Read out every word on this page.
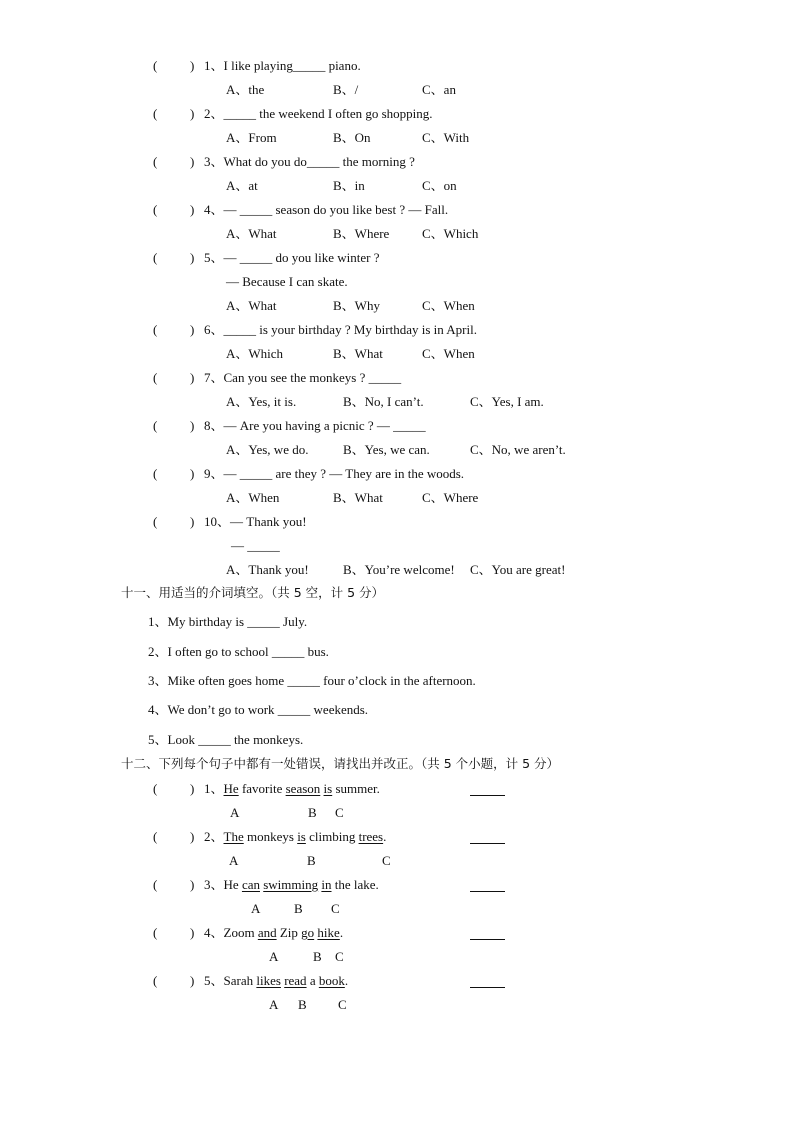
(	) 1、I like playing_____ piano.
A、the	B、/	C、an
(	) 2、_____ the weekend I often go shopping.
A、From	B、On	C、With
(	) 3、What do you do_____ the morning ?
A、at	B、in	C、on
(	) 4、— _____ season do you like best ? — Fall.
A、What	B、Where	C、Which
(	) 5、— _____ do you like winter ?
— Because I can skate.
A、What	B、Why	C、When
(	) 6、_____ is your birthday ? My birthday is in April.
A、Which	B、What	C、When
(	) 7、Can you see the monkeys ? _____
A、Yes, it is.	B、No, I can’t.	C、Yes, I am.
(	) 8、— Are you having a picnic ? — _____
A、Yes, we do.	B、Yes, we can.	C、No, we aren’t.
(	) 9、— _____ are they ? — They are in the woods.
A、When	B、What	C、Where
(	) 10、— Thank you!
— _____
A、Thank you!	B、You’re welcome! C、You are great!
十一、用适当的介词填空。（共 5 空，计 5 分）
1、My birthday is _____ July.
2、I often go to school _____ bus.
3、Mike often goes home _____ four o’clock in the afternoon.
4、We don’t go to work _____ weekends.
5、Look _____ the monkeys.
十二、下列每个句子中都有一处错误，请找出并改正。（共 5 个小题，计 5 分）
(	) 1、He favorite season is summer.
A	B C
(	) 2、The monkeys is climbing trees.
A	B	C
(	) 3、He can swimming in the lake.
A	B C
(	) 4、Zoom and Zip go hike.
A	B C
(	) 5、Sarah likes read a book.
A B C
